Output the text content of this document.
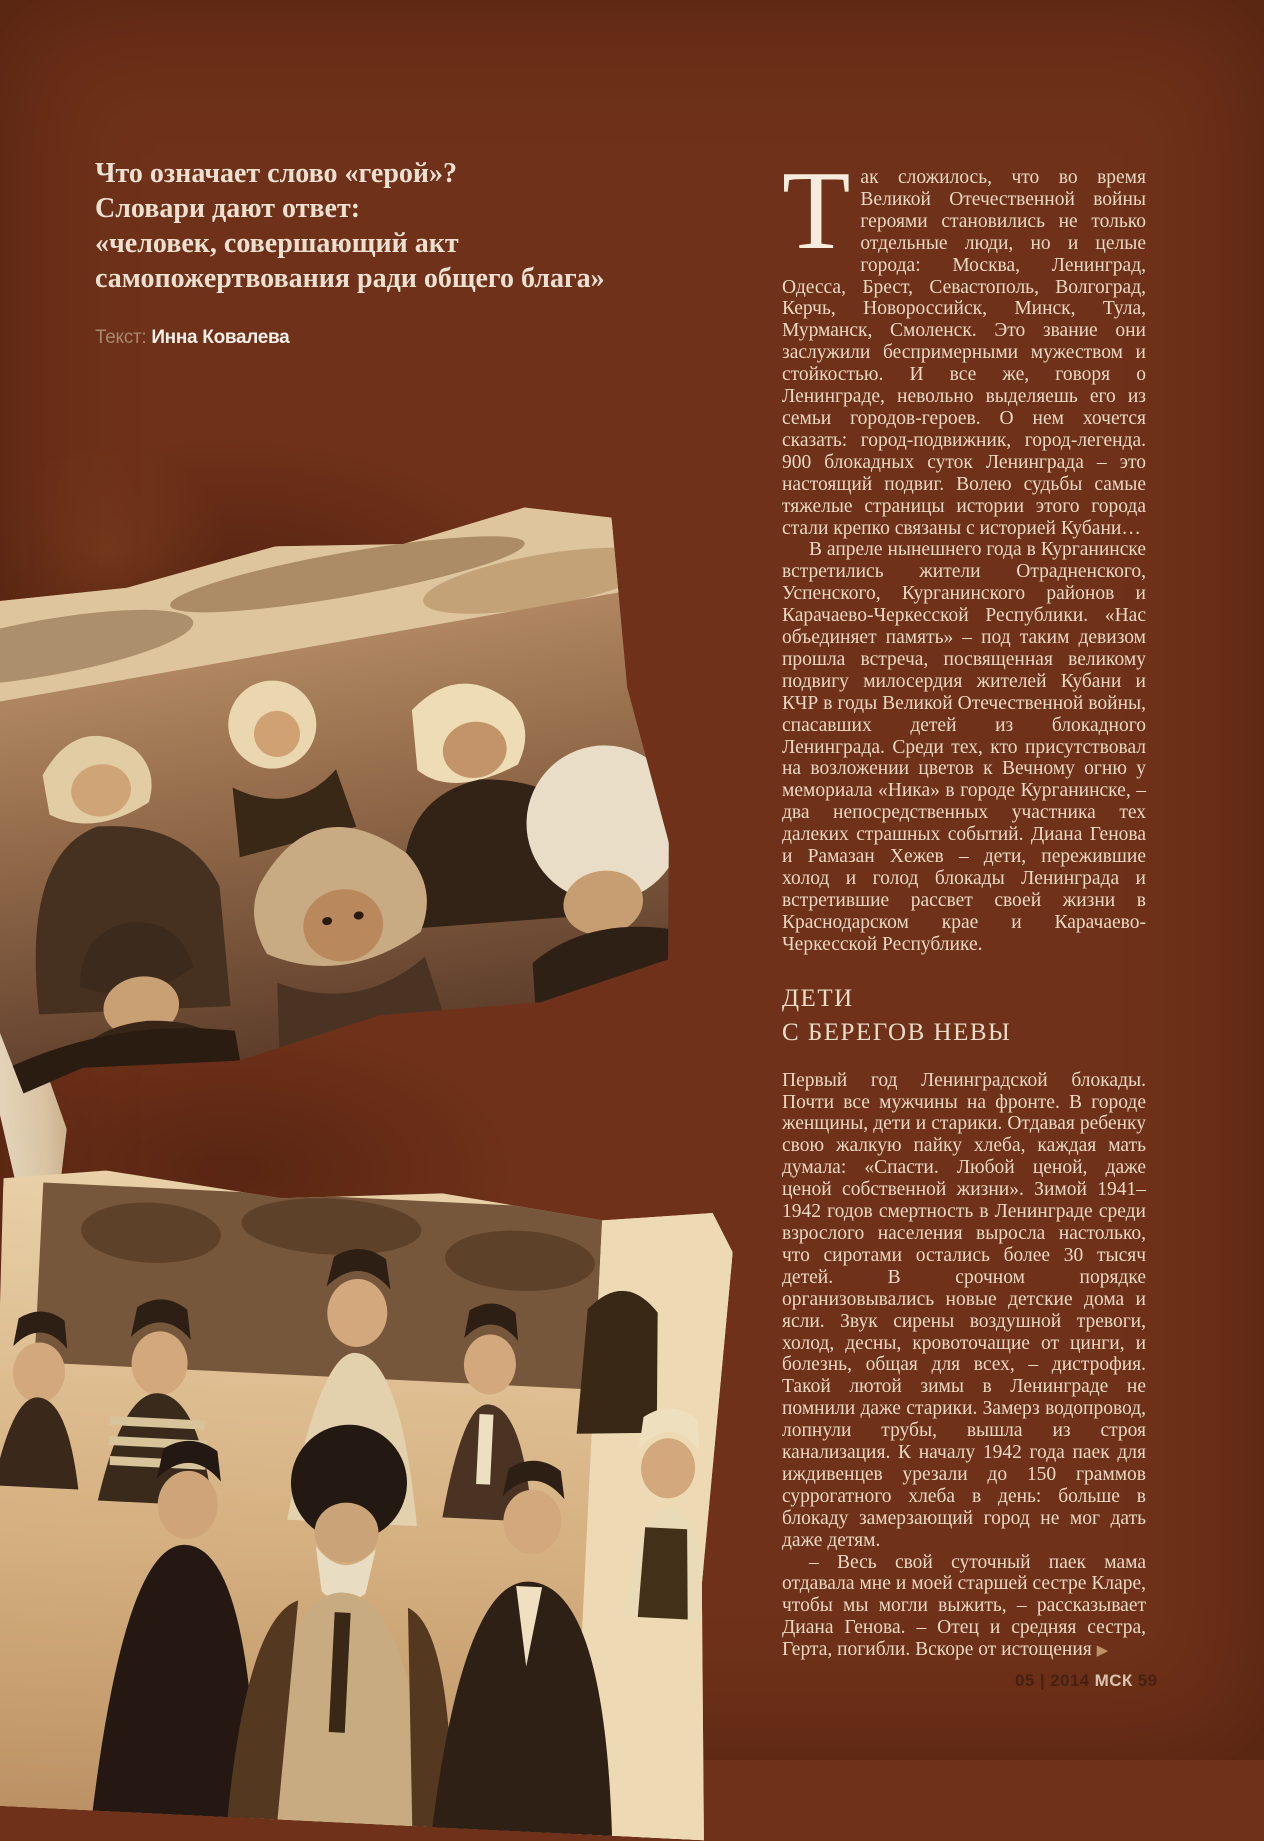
Что означает слово «герой»?
Словари дают ответ:
«человек, совершающий акт
самопожертвования ради общего блага»
Текст: Инна Ковалева

Так сложилось, что во время Великой Отечественной войны героями становились не только отдельные люди, но и целые города: Москва, Ленинград, Одесса, Брест, Севастополь, Волгоград, Керчь, Новороссийск, Минск, Тула, Мурманск, Смоленск. Это звание они заслужили беспримерными мужеством и стойкостью. И все же, говоря о Ленинграде, невольно выделяешь его из семьи городов-героев. О нем хочется сказать: город-подвижник, город-легенда. 900 блокадных суток Ленинграда – это настоящий подвиг. Волею судьбы самые тяжелые страницы истории этого города стали крепко связаны с историей Кубани…

В апреле нынешнего года в Курганинске встретились жители Отрадненского, Успенского, Курганинского районов и Карачаево-Черкесской Республики. «Нас объединяет память» – под таким девизом прошла встреча, посвященная великому подвигу милосердия жителей Кубани и КЧР в годы Великой Отечественной войны, спасавших детей из блокадного Ленинграда. Среди тех, кто присутствовал на возложении цветов к Вечному огню у мемориала «Ника» в городе Курганинске, – два непосредственных участника тех далеких страшных событий. Диана Генова и Рамазан Хежев – дети, пережившие холод и голод блокады Ленинграда и встретившие рассвет своей жизни в Краснодарском крае и Карачаево-Черкесской Республике.

ДЕТИ
С БЕРЕГОВ НЕВЫ

Первый год Ленинградской блокады. Почти все мужчины на фронте. В городе женщины, дети и старики. Отдавая ребенку свою жалкую пайку хлеба, каждая мать думала: «Спасти. Любой ценой, даже ценой собственной жизни». Зимой 1941–1942 годов смертность в Ленинграде среди взрослого населения выросла настолько, что сиротами остались более 30 тысяч детей. В срочном порядке организовывались новые детские дома и ясли. Звук сирены воздушной тревоги, холод, десны, кровоточащие от цинги, и болезнь, общая для всех, – дистрофия. Такой лютой зимы в Ленинграде не помнили даже старики. Замерз водопровод, лопнули трубы, вышла из строя канализация. К началу 1942 года паек для иждивенцев урезали до 150 граммов суррогатного хлеба в день: больше в блокаду замерзающий город не мог дать даже детям.

– Весь свой суточный паек мама отдавала мне и моей старшей сестре Кларе, чтобы мы могли выжить, – рассказывает Диана Генова. – Отец и средняя сестра, Герта, погибли. Вскоре от истощения ▶

05 | 2014 МСК 59
